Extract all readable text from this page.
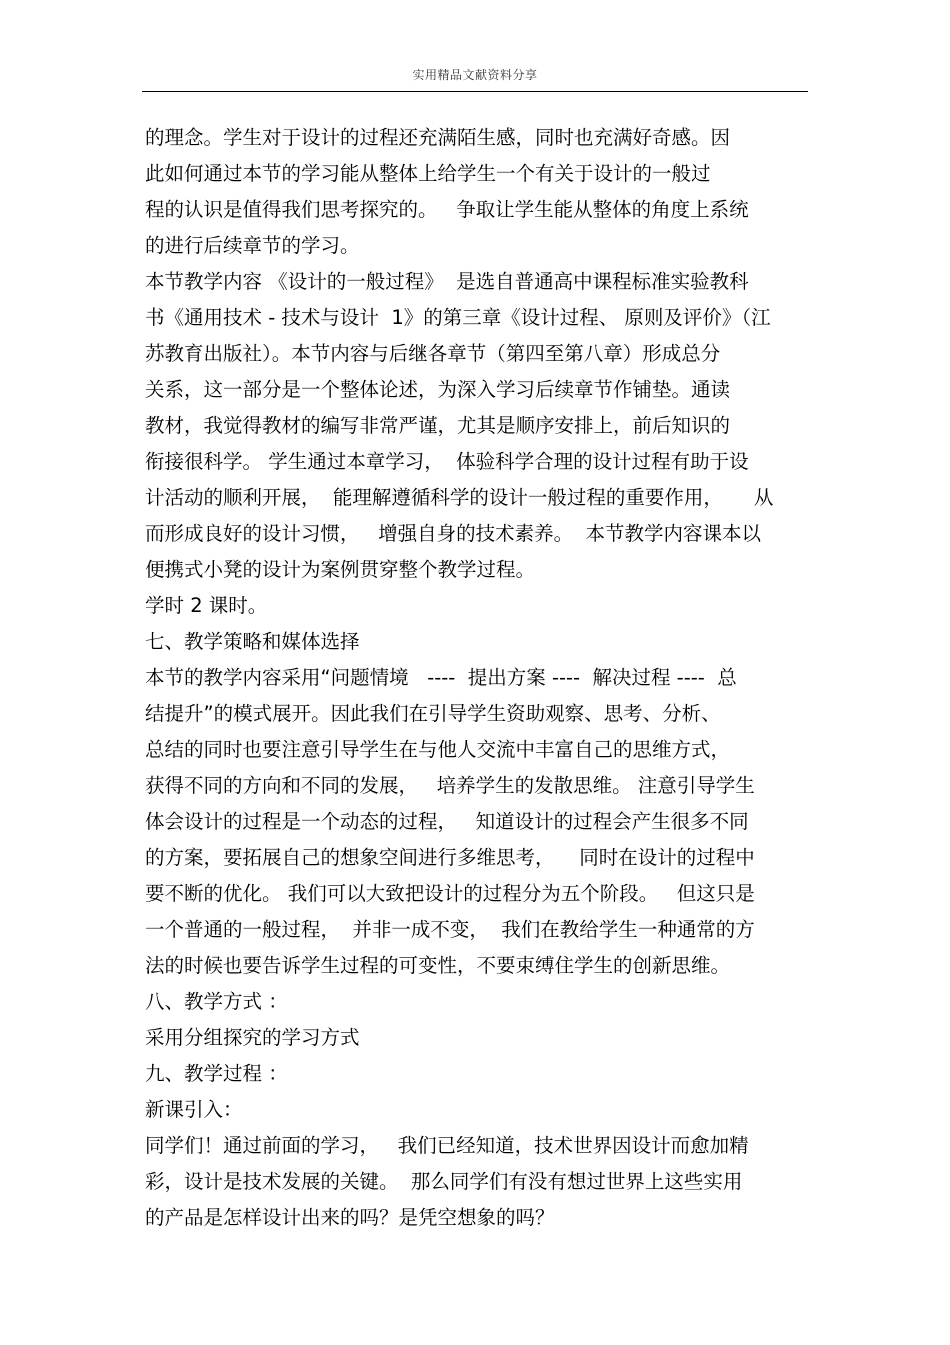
实用精品文献资料分享
的理念。学生对于设计的过程还充满陌生感，同时也充满好奇感。因
此如何通过本节的学习能从整体上给学生一个有关于设计的一般过
程的认识是值得我们思考探究的。   争取让学生能从整体的角度上系统
的进行后续章节的学习。
本节教学内容 《设计的一般过程》  是选自普通高中课程标准实验教科
书《通用技术 - 技术与设计  1》的第三章《设计过程、 原则及评价》（江
苏教育出版社）。本节内容与后继各章节（第四至第八章）形成总分
关系，这一部分是一个整体论述，为深入学习后续章节作铺垫。通读
教材，我觉得教材的编写非常严谨，尤其是顺序安排上，前后知识的
衔接很科学。 学生通过本章学习，  体验科学合理的设计过程有助于设
计活动的顺利开展，  能理解遵循科学的设计一般过程的重要作用，     从
而形成良好的设计习惯，   增强自身的技术素养。  本节教学内容课本以
便携式小凳的设计为案例贯穿整个教学过程。
学时 2 课时。
七、教学策略和媒体选择
本节的教学内容采用“问题情境   ----  提出方案 ----  解决过程 ----  总
结提升”的模式展开。因此我们在引导学生资助观察、思考、分析、
总结的同时也要注意引导学生在与他人交流中丰富自己的思维方式，
获得不同的方向和不同的发展，   培养学生的发散思维。 注意引导学生
体会设计的过程是一个动态的过程，   知道设计的过程会产生很多不同
的方案，要拓展自己的想象空间进行多维思考，    同时在设计的过程中
要不断的优化。 我们可以大致把设计的过程分为五个阶段。   但这只是
一个普通的一般过程，  并非一成不变，  我们在教给学生一种通常的方
法的时候也要告诉学生过程的可变性，不要束缚住学生的创新思维。
八、教学方式 ：
采用分组探究的学习方式
九、教学过程 ：
新课引入：
同学们！通过前面的学习，   我们已经知道，技术世界因设计而愈加精
彩，设计是技术发展的关键。  那么同学们有没有想过世界上这些实用
的产品是怎样设计出来的吗？是凭空想象的吗？
